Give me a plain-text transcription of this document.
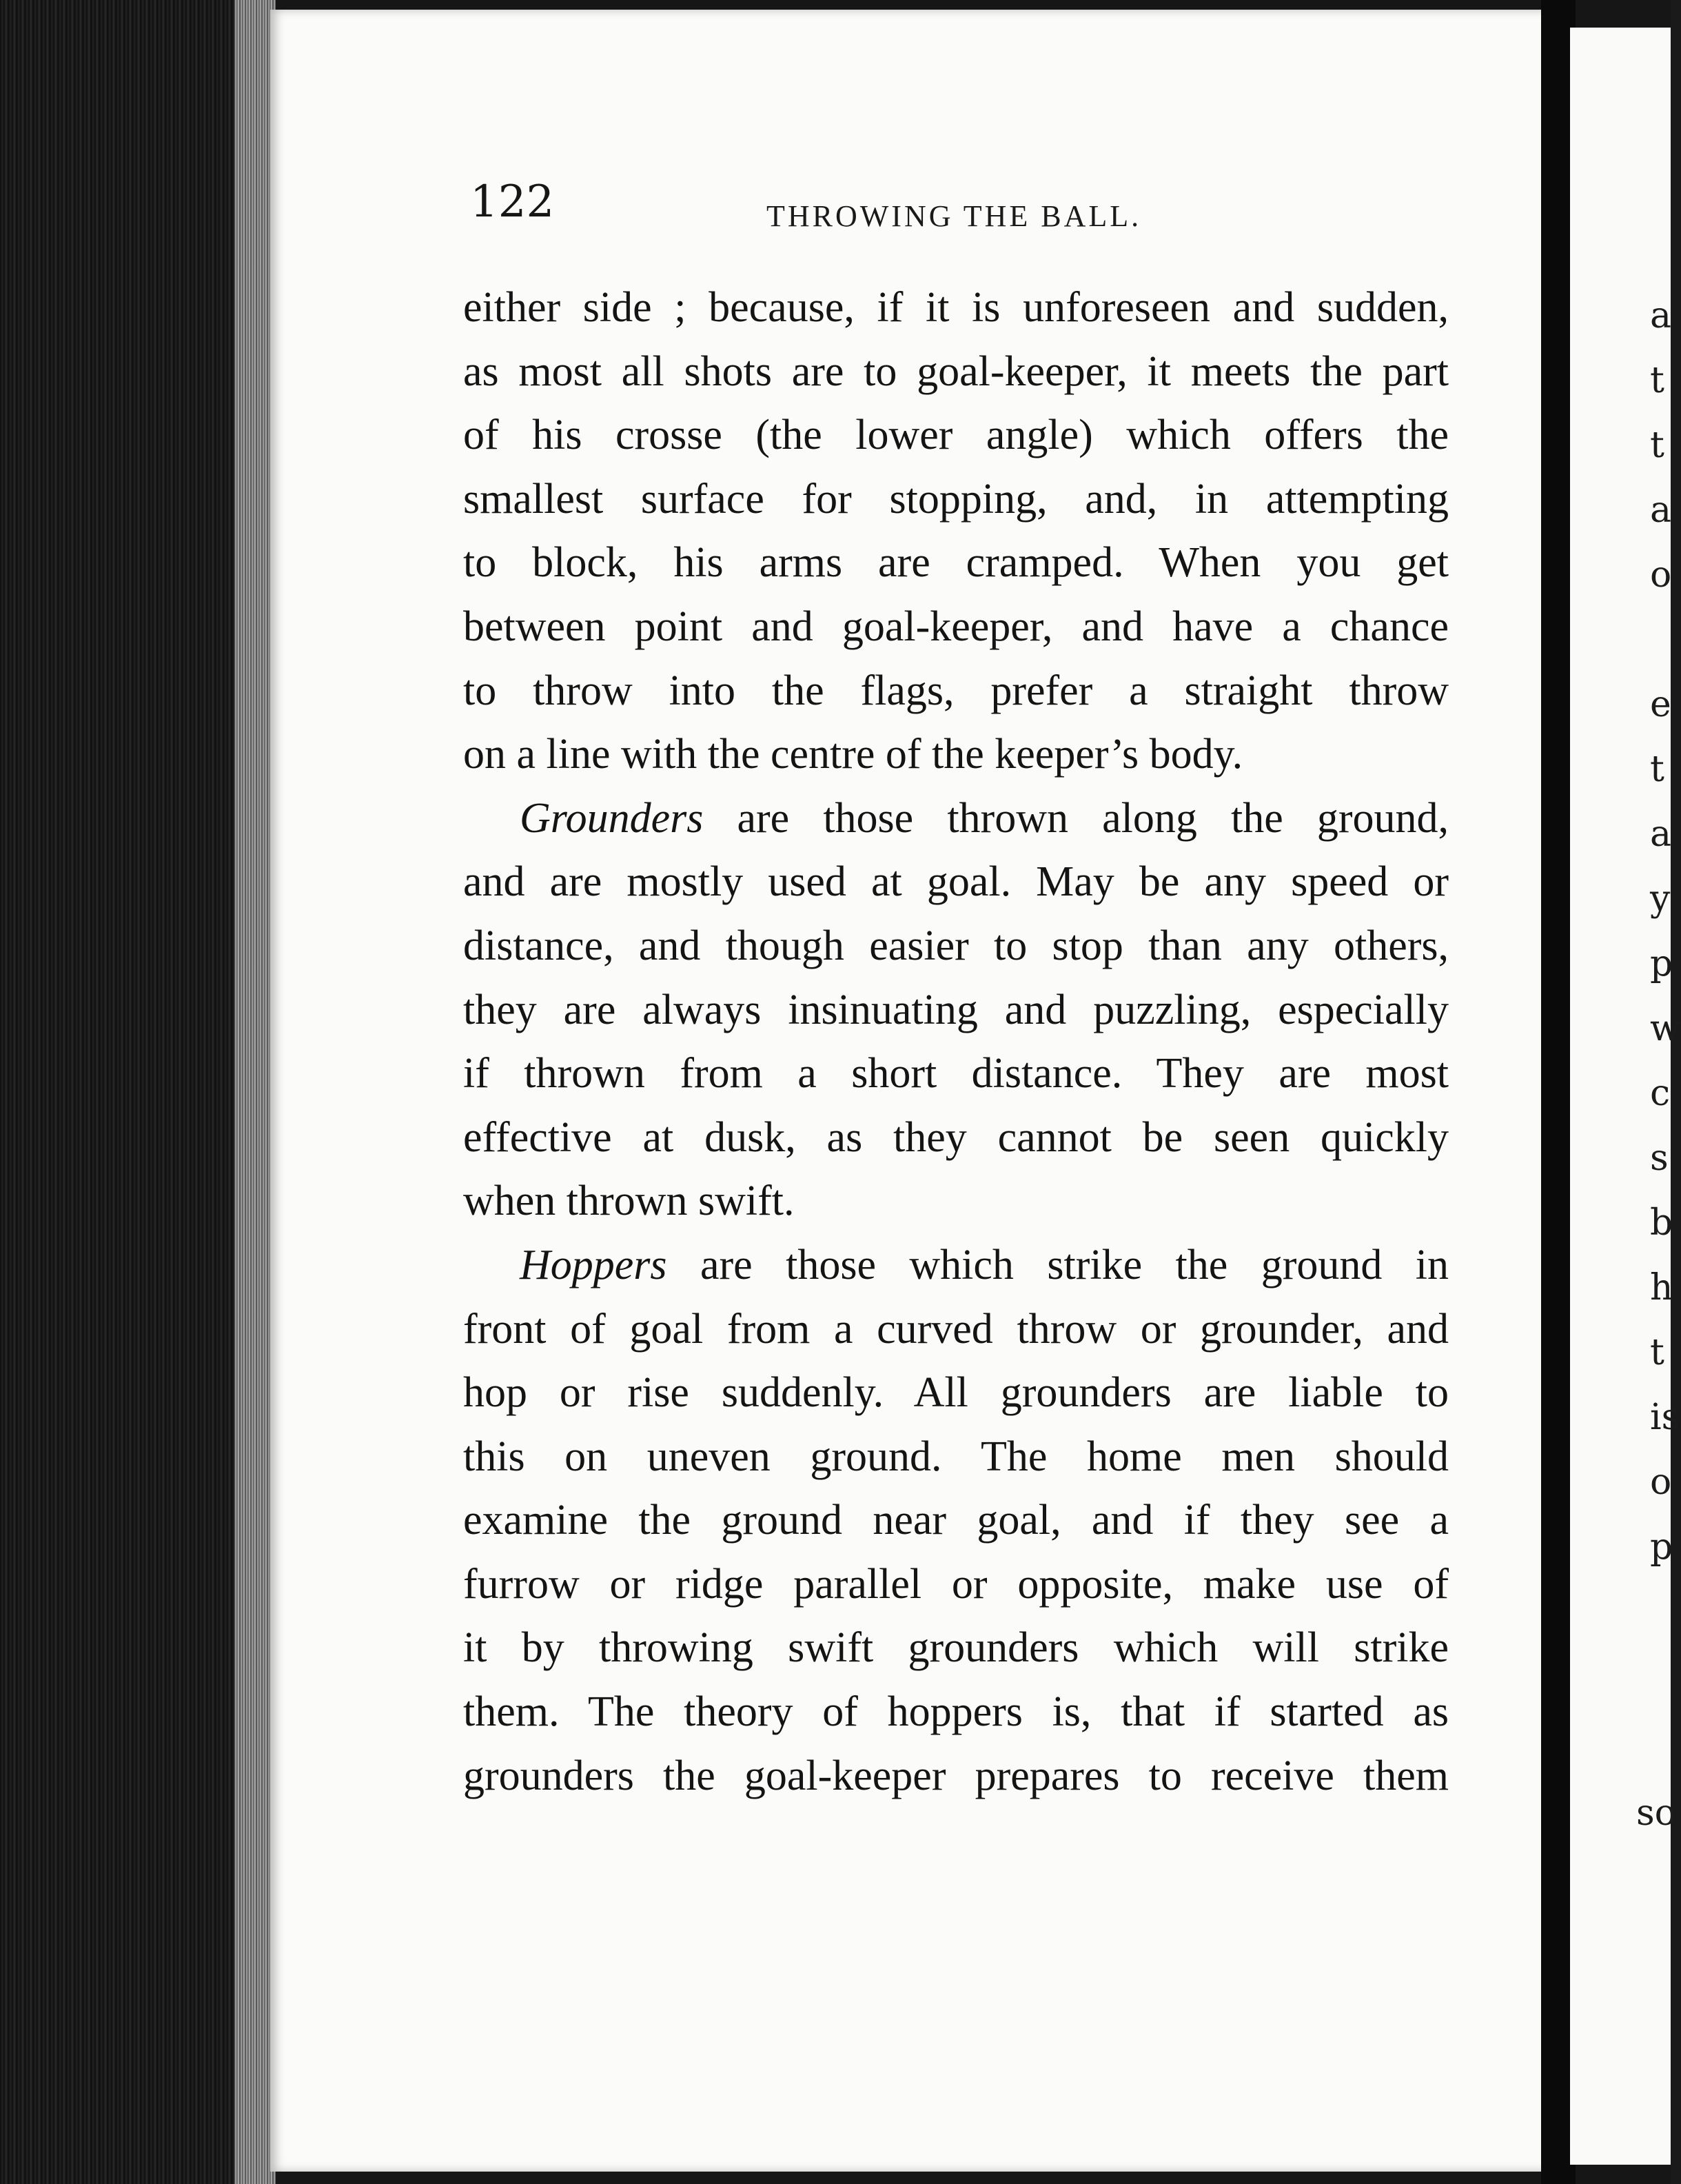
122	THROWING THE BALL.
either side ; because, if it is unforeseen and sudden,
as most all shots are to goal-keeper, it meets the part
of his crosse (the lower angle) which offers the
smallest surface for stopping, and, in attempting
to block, his arms are cramped. When you get
between point and goal-keeper, and have a chance
to throw into the flags, prefer a straight throw
on a line with the centre of the keeper’s body.
Grounders are those thrown along the ground,
and are mostly used at goal. May be any speed or
distance, and though easier to stop than any others,
they are always insinuating and puzzling, especially
if thrown from a short distance. They are most
effective at dusk, as they cannot be seen quickly
when thrown swift.
Hoppers are those which strike the ground in
front of goal from a curved throw or grounder, and
hop or rise suddenly. All grounders are liable to
this on uneven ground. The home men should
examine the ground near goal, and if they see a
furrow or ridge parallel or opposite, make use of
it by throwing swift grounders which will strike
them. The theory of hoppers is, that if started as
grounders the goal-keeper prepares to receive them
a
t
t
a
o
e
t
a
y
p
w
c
s
b
h
t
is
o
p
so
